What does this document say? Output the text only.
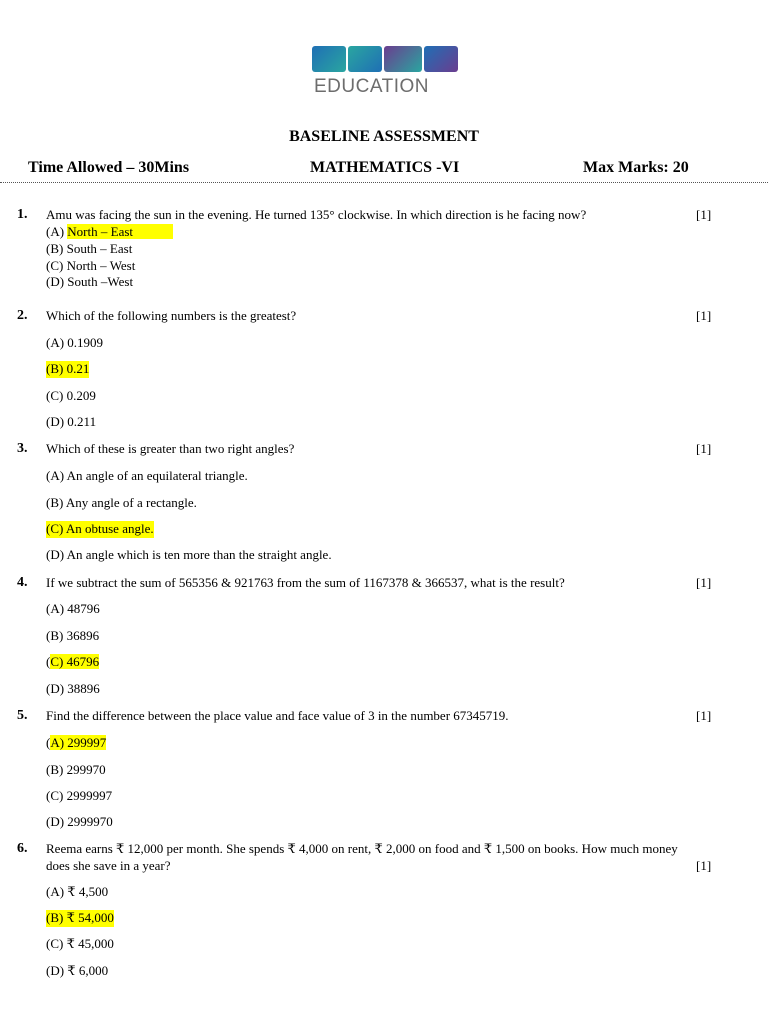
EDUCATION
BASELINE ASSESSMENT
Time Allowed – 30Mins	MATHEMATICS -VI	Max Marks: 20
1. Amu was facing the sun in the evening. He turned 135° clockwise. In which direction is he facing now?	[1]
(A) North – East
(B) South – East
(C) North – West
(D) South –West
2. Which of the following numbers is the greatest?	[1]
(A) 0.1909
(B) 0.21
(C) 0.209
(D) 0.211
3. Which of these is greater than two right angles?	[1]
(A) An angle of an equilateral triangle.
(B) Any angle of a rectangle.
(C) An obtuse angle.
(D) An angle which is ten more than the straight angle.
4. If we subtract the sum of 565356 & 921763 from the sum of 1167378 & 366537, what is the result?	[1]
(A) 48796
(B) 36896
(C) 46796
(D) 38896
5. Find the difference between the place value and face value of 3 in the number 67345719.	[1]
(A) 299997
(B) 299970
(C) 2999997
(D) 2999970
6. Reema earns ₹ 12,000 per month. She spends ₹ 4,000 on rent, ₹ 2,000 on food and ₹ 1,500 on books. How much money does she save in a year?	[1]
(A) ₹ 4,500
(B) ₹ 54,000
(C) ₹ 45,000
(D) ₹ 6,000
